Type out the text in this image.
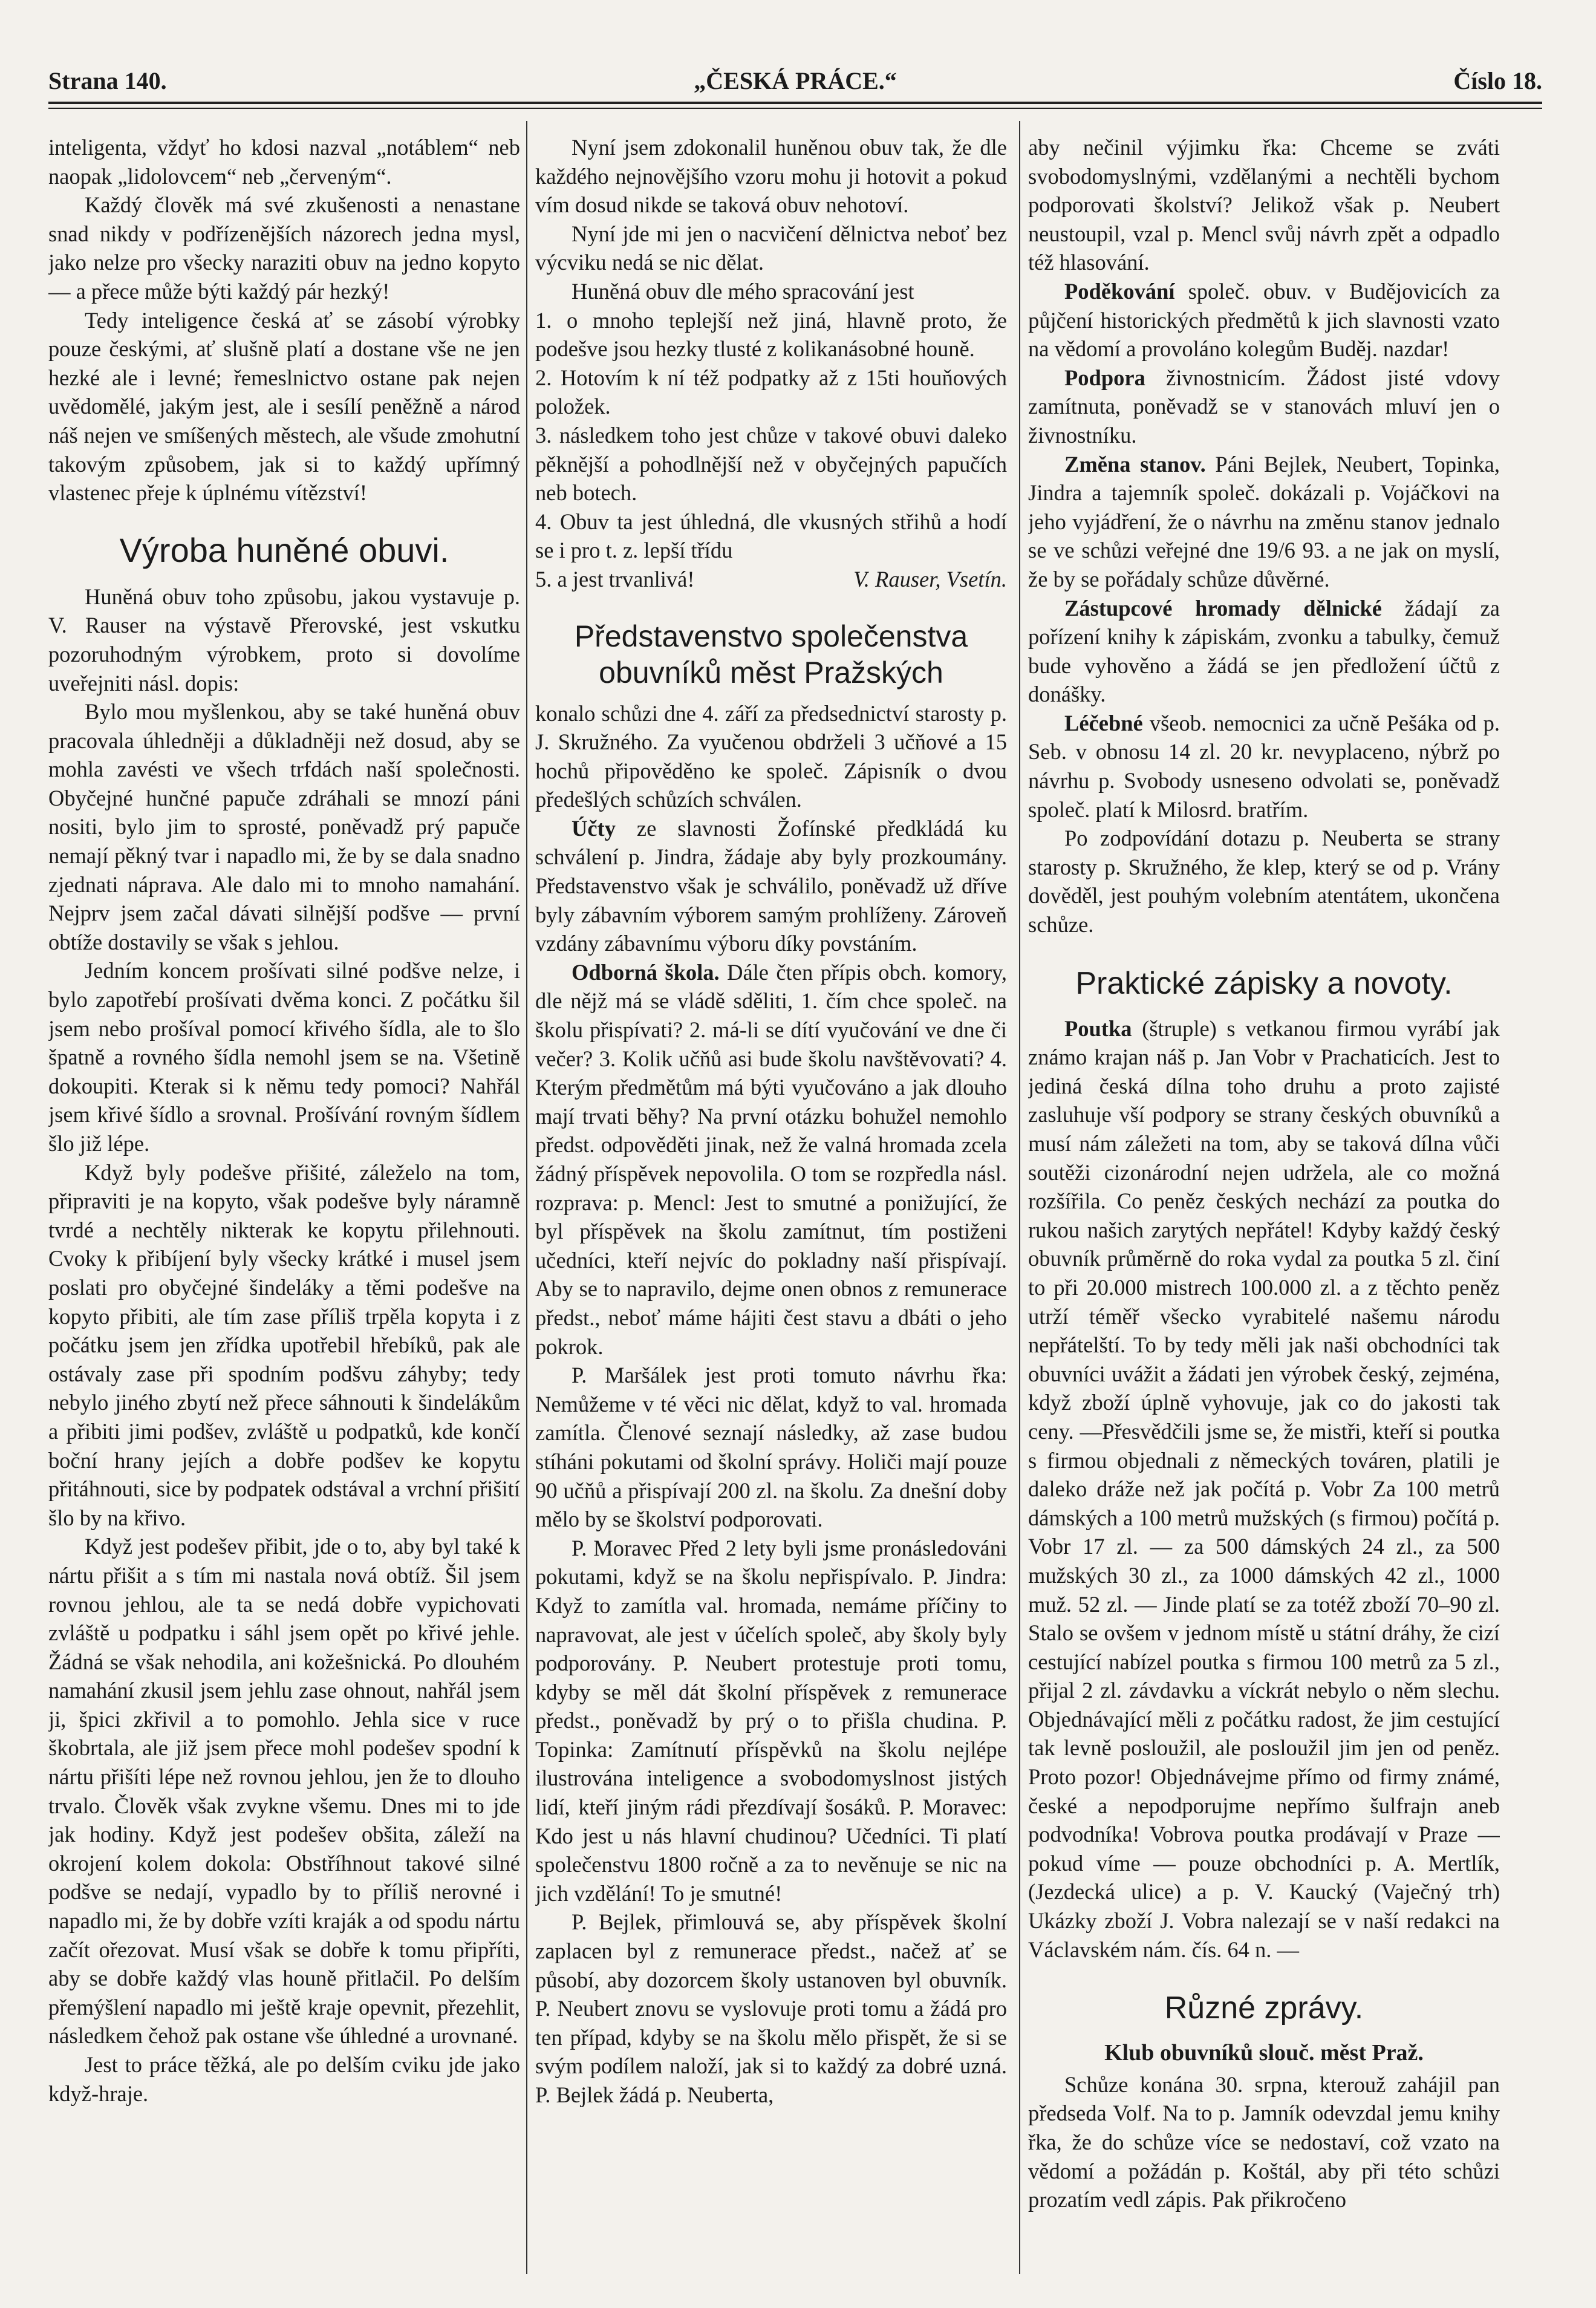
Strana 140.	„ČESKÁ PRÁCE.“	Číslo 18.

inteligenta, vždyť ho kdosi nazval „notáblem“ neb naopak „lidolovcem“ neb „červeným“.

Každý člověk má své zkušenosti a nenastane snad nikdy v podřízenějších názorech jedna mysl, jako nelze pro všecky naraziti obuv na jedno kopyto — a přece může býti každý pár hezký!

Tedy inteligence česká ať se zásobí výrobky pouze českými, ať slušně platí a dostane vše ne jen hezké ale i levné; řemeslnictvo ostane pak nejen uvědomělé, jakým jest, ale i sesílí peněžně a národ náš nejen ve smíšených městech, ale všude zmohutní takovým způsobem, jak si to každý upřímný vlastenec přeje k úplnému vítězství!

Výroba huněné obuvi.

Huněná obuv toho způsobu, jakou vystavuje p. V. Rauser na výstavě Přerovské, jest vskutku pozoruhodným výrobkem, proto si dovolíme uveřejniti násl. dopis:

Bylo mou myšlenkou, aby se také huněná obuv pracovala úhledněji a důkladněji než dosud, aby se mohla zavésti ve všech trfdách naší společnosti. Obyčejné hunčné papuče zdráhali se mnozí páni nositi, bylo jim to sprosté, poněvadž prý papuče nemají pěkný tvar i napadlo mi, že by se dala snadno zjednati náprava. Ale dalo mi to mnoho namahání. Nejprv jsem začal dávati silnější podšve — první obtíže dostavily se však s jehlou.

Jedním koncem prošívati silné podšve nelze, i bylo zapotřebí prošívati dvěma konci. Z počátku šil jsem nebo prošíval pomocí křivého šídla, ale to šlo špatně a rovného šídla nemohl jsem se na. Všetině dokoupiti. Kterak si k němu tedy pomoci? Nahřál jsem křivé šídlo a srovnal. Prošívání rovným šídlem šlo již lépe.

Když byly podešve přišité, záleželo na tom, připraviti je na kopyto, však podešve byly náramně tvrdé a nechtěly nikterak ke kopytu přilehnouti. Cvoky k přibíjení byly všecky krátké i musel jsem poslati pro obyčejné šindeláky a těmi podešve na kopyto přibiti, ale tím zase příliš trpěla kopyta i z počátku jsem jen zřídka upotřebil hřebíků, pak ale ostávaly zase při spodním podšvu záhyby; tedy nebylo jiného zbytí než přece sáhnouti k šindelákům a přibiti jimi podšev, zvláště u podpatků, kde končí boční hrany jejích a dobře podšev ke kopytu přitáhnouti, sice by podpatek odstával a vrchní přišití šlo by na křivo.

Když jest podešev přibit, jde o to, aby byl také k nártu přišit a s tím mi nastala nová obtíž. Šil jsem rovnou jehlou, ale ta se nedá dobře vypichovati zvláště u podpatku i sáhl jsem opět po křivé jehle. Žádná se však nehodila, ani kožešnická. Po dlouhém namahání zkusil jsem jehlu zase ohnout, nahřál jsem ji, špici zkřivil a to pomohlo. Jehla sice v ruce škobrtala, ale již jsem přece mohl podešev spodní k nártu přišíti lépe než rovnou jehlou, jen že to dlouho trvalo. Člověk však zvykne všemu. Dnes mi to jde jak hodiny. Když jest podešev obšita, záleží na okrojení kolem dokola: Obstříhnout takové silné podšve se nedají, vypadlo by to příliš nerovné i napadlo mi, že by dobře vzíti kraják a od spodu nártu začít ořezovat. Musí však se dobře k tomu připříti, aby se dobře každý vlas houně přitlačil. Po delším přemýšlení napadlo mi ještě kraje opevnit, přezehlit, následkem čehož pak ostane vše úhledné a urovnané.

Jest to práce těžká, ale po delším cviku jde jako když-hraje.

Nyní jsem zdokonalil huněnou obuv tak, že dle každého nejnovějšího vzoru mohu ji hotovit a pokud vím dosud nikde se taková obuv nehotoví.

Nyní jde mi jen o nacvičení dělnictva neboť bez výcviku nedá se nic dělat.

Huněná obuv dle mého spracování jest

1. o mnoho teplejší než jiná, hlavně proto, že podešve jsou hezky tlusté z kolikanásobné houně.

2. Hotovím k ní též podpatky až z 15ti houňových položek.

3. následkem toho jest chůze v takové obuvi daleko pěknější a pohodlnější než v obyčejných papučích neb botech.

4. Obuv ta jest úhledná, dle vkusných střihů a hodí se i pro t. z. lepší třídu

5. a jest trvanlivá!	V. Rauser, Vsetín.

Představenstvo společenstva obuvníků měst Pražských

konalo schůzi dne 4. září za předsednictví starosty p. J. Skružného. Za vyučenou obdrželi 3 učňové a 15 hochů připověděno ke společ. Zápisník o dvou předešlých schůzích schválen.

Účty ze slavnosti Žofínské předkládá ku schválení p. Jindra, žádaje aby byly prozkoumány. Představenstvo však je schválilo, poněvadž už dříve byly zábavním výborem samým prohlíženy. Zároveň vzdány zábavnímu výboru díky povstáním.

Odborná škola. Dále čten přípis obch. komory, dle nějž má se vládě sděliti, 1. čím chce společ. na školu přispívati? 2. má-li se dítí vyučování ve dne či večer? 3. Kolik učňů asi bude školu navštěvovati? 4. Kterým předmětům má býti vyučováno a jak dlouho mají trvati běhy? Na první otázku bohužel nemohlo předst. odpověděti jinak, než že valná hromada zcela žádný příspěvek nepovolila. O tom se rozpředla násl. rozprava: p. Mencl: Jest to smutné a ponižující, že byl příspěvek na školu zamítnut, tím postiženi učedníci, kteří nejvíc do pokladny naší přispívají. Aby se to napravilo, dejme onen obnos z remunerace předst., neboť máme hájiti čest stavu a dbáti o jeho pokrok.

P. Maršálek jest proti tomuto návrhu řka: Nemůžeme v té věci nic dělat, když to val. hromada zamítla. Členové seznají následky, až zase budou stíháni pokutami od školní správy. Holiči mají pouze 90 učňů a přispívají 200 zl. na školu. Za dnešní doby mělo by se školství podporovati.

P. Moravec Před 2 lety byli jsme pronásledováni pokutami, když se na školu nepřispívalo. P. Jindra: Když to zamítla val. hromada, nemáme příčiny to napravovat, ale jest v účelích společ, aby školy byly podporovány. P. Neubert protestuje proti tomu, kdyby se měl dát školní příspěvek z remunerace předst., poněvadž by prý o to přišla chudina. P. Topinka: Zamítnutí příspěvků na školu nejlépe ilustrována inteligence a svobodomyslnost jistých lidí, kteří jiným rádi přezdívají šosáků. P. Moravec: Kdo jest u nás hlavní chudinou? Učedníci. Ti platí společenstvu 1800 ročně a za to nevěnuje se nic na jich vzdělání! To je smutné!

P. Bejlek, přimlouvá se, aby příspěvek školní zaplacen byl z remunerace předst., načež ať se působí, aby dozorcem školy ustanoven byl obuvník. P. Neubert znovu se vyslovuje proti tomu a žádá pro ten případ, kdyby se na školu mělo přispět, že si se svým podílem naloží, jak si to každý za dobré uzná. P. Bejlek žádá p. Neuberta,

aby nečinil výjimku řka: Chceme se zváti svobodomyslnými, vzdělanými a nechtěli bychom podporovati školství? Jelikož však p. Neubert neustoupil, vzal p. Mencl svůj návrh zpět a odpadlo též hlasování.

Poděkování společ. obuv. v Budějovicích za půjčení historických předmětů k jich slavnosti vzato na vědomí a provoláno kolegům Buděj. nazdar!

Podpora živnostnicím. Žádost jisté vdovy zamítnuta, poněvadž se v stanovách mluví jen o živnostníku.

Změna stanov. Páni Bejlek, Neubert, Topinka, Jindra a tajemník společ. dokázali p. Vojáčkovi na jeho vyjádření, že o návrhu na změnu stanov jednalo se ve schůzi veřejné dne 19/6 93. a ne jak on myslí, že by se pořádaly schůze důvěrné.

Zástupcové hromady dělnické žádají za pořízení knihy k zápiskám, zvonku a tabulky, čemuž bude vyhověno a žádá se jen předložení účtů z donášky.

Léčebné všeob. nemocnici za učně Pešáka od p. Seb. v obnosu 14 zl. 20 kr. nevyplaceno, nýbrž po návrhu p. Svobody usneseno odvolati se, poněvadž společ. platí k Milosrd. bratřím.

Po zodpovídání dotazu p. Neuberta se strany starosty p. Skružného, že klep, který se od p. Vrány dověděl, jest pouhým volebním atentátem, ukončena schůze.

Praktické zápisky a novoty.

Poutka (štruple) s vetkanou firmou vyrábí jak známo krajan náš p. Jan Vobr v Prachaticích. Jest to jediná česká dílna toho druhu a proto zajisté zasluhuje vší podpory se strany českých obuvníků a musí nám záležeti na tom, aby se taková dílna vůči soutěži cizonárodní nejen udržela, ale co možná rozšířila. Co peněz českých nechází za poutka do rukou našich zarytých nepřátel! Kdyby každý český obuvník průměrně do roka vydal za poutka 5 zl. činí to při 20.000 mistrech 100.000 zl. a z těchto peněz utrží téměř všecko vyrabitelé našemu národu nepřátelští. To by tedy měli jak naši obchodníci tak obuvníci uvážit a žádati jen výrobek český, zejména, když zboží úplně vyhovuje, jak co do jakosti tak ceny. —Přesvědčili jsme se, že mistři, kteří si poutka s firmou objednali z německých továren, platili je daleko dráže než jak počítá p. Vobr Za 100 metrů dámských a 100 metrů mužských (s firmou) počítá p. Vobr 17 zl. — za 500 dámských 24 zl., za 500 mužských 30 zl., za 1000 dámských 42 zl., 1000 muž. 52 zl. — Jinde platí se za totéž zboží 70–90 zl. Stalo se ovšem v jednom místě u státní dráhy, že cizí cestující nabízel poutka s firmou 100 metrů za 5 zl., přijal 2 zl. závdavku a víckrát nebylo o něm slechu. Objednávající měli z počátku radost, že jim cestující tak levně posloužil, ale posloužil jim jen od peněz. Proto pozor! Objednávejme přímo od firmy známé, české a nepodporujme nepřímo šulfrajn aneb podvodníka! Vobrova poutka prodávají v Praze — pokud víme — pouze obchodníci p. A. Mertlík, (Jezdecká ulice) a p. V. Kaucký (Vaječný trh) Ukázky zboží J. Vobra nalezají se v naší redakci na Václavském nám. čís. 64 n. —

Různé zprávy.
Klub obuvníků slouč. měst Praž.

Schůze konána 30. srpna, kterouž zahájil pan předseda Volf. Na to p. Jamník odevzdal jemu knihy řka, že do schůze více se nedostaví, což vzato na vědomí a požádán p. Koštál, aby při této schůzi prozatím vedl zápis. Pak přikročeno
